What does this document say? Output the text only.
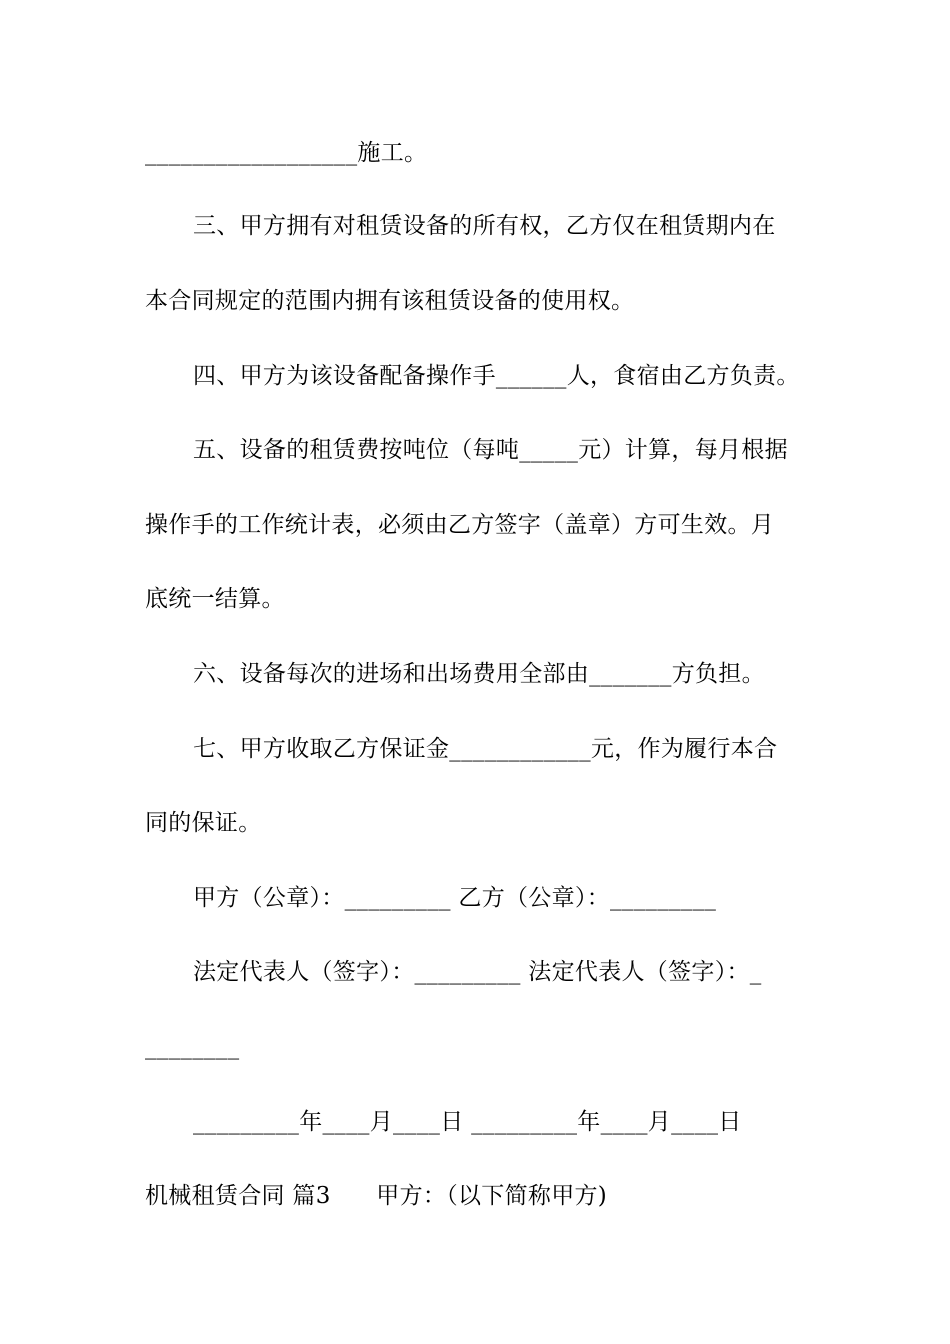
__________________施工。
三、甲方拥有对租赁设备的所有权，乙方仅在租赁期内在
本合同规定的范围内拥有该租赁设备的使用权。
四、甲方为该设备配备操作手______人，食宿由乙方负责。
五、设备的租赁费按吨位（每吨_____元）计算，每月根据
操作手的工作统计表，必须由乙方签字（盖章）方可生效。月
底统一结算。
六、设备每次的进场和出场费用全部由_______方负担。
七、甲方收取乙方保证金____________元，作为履行本合
同的保证。
甲方（公章）：_________ 乙方（公章）：_________
法定代表人（签字）：_________ 法定代表人（签字）：_
________
_________年____月____日 _________年____月____日
机械租赁合同 篇3      甲方：（以下简称甲方)
